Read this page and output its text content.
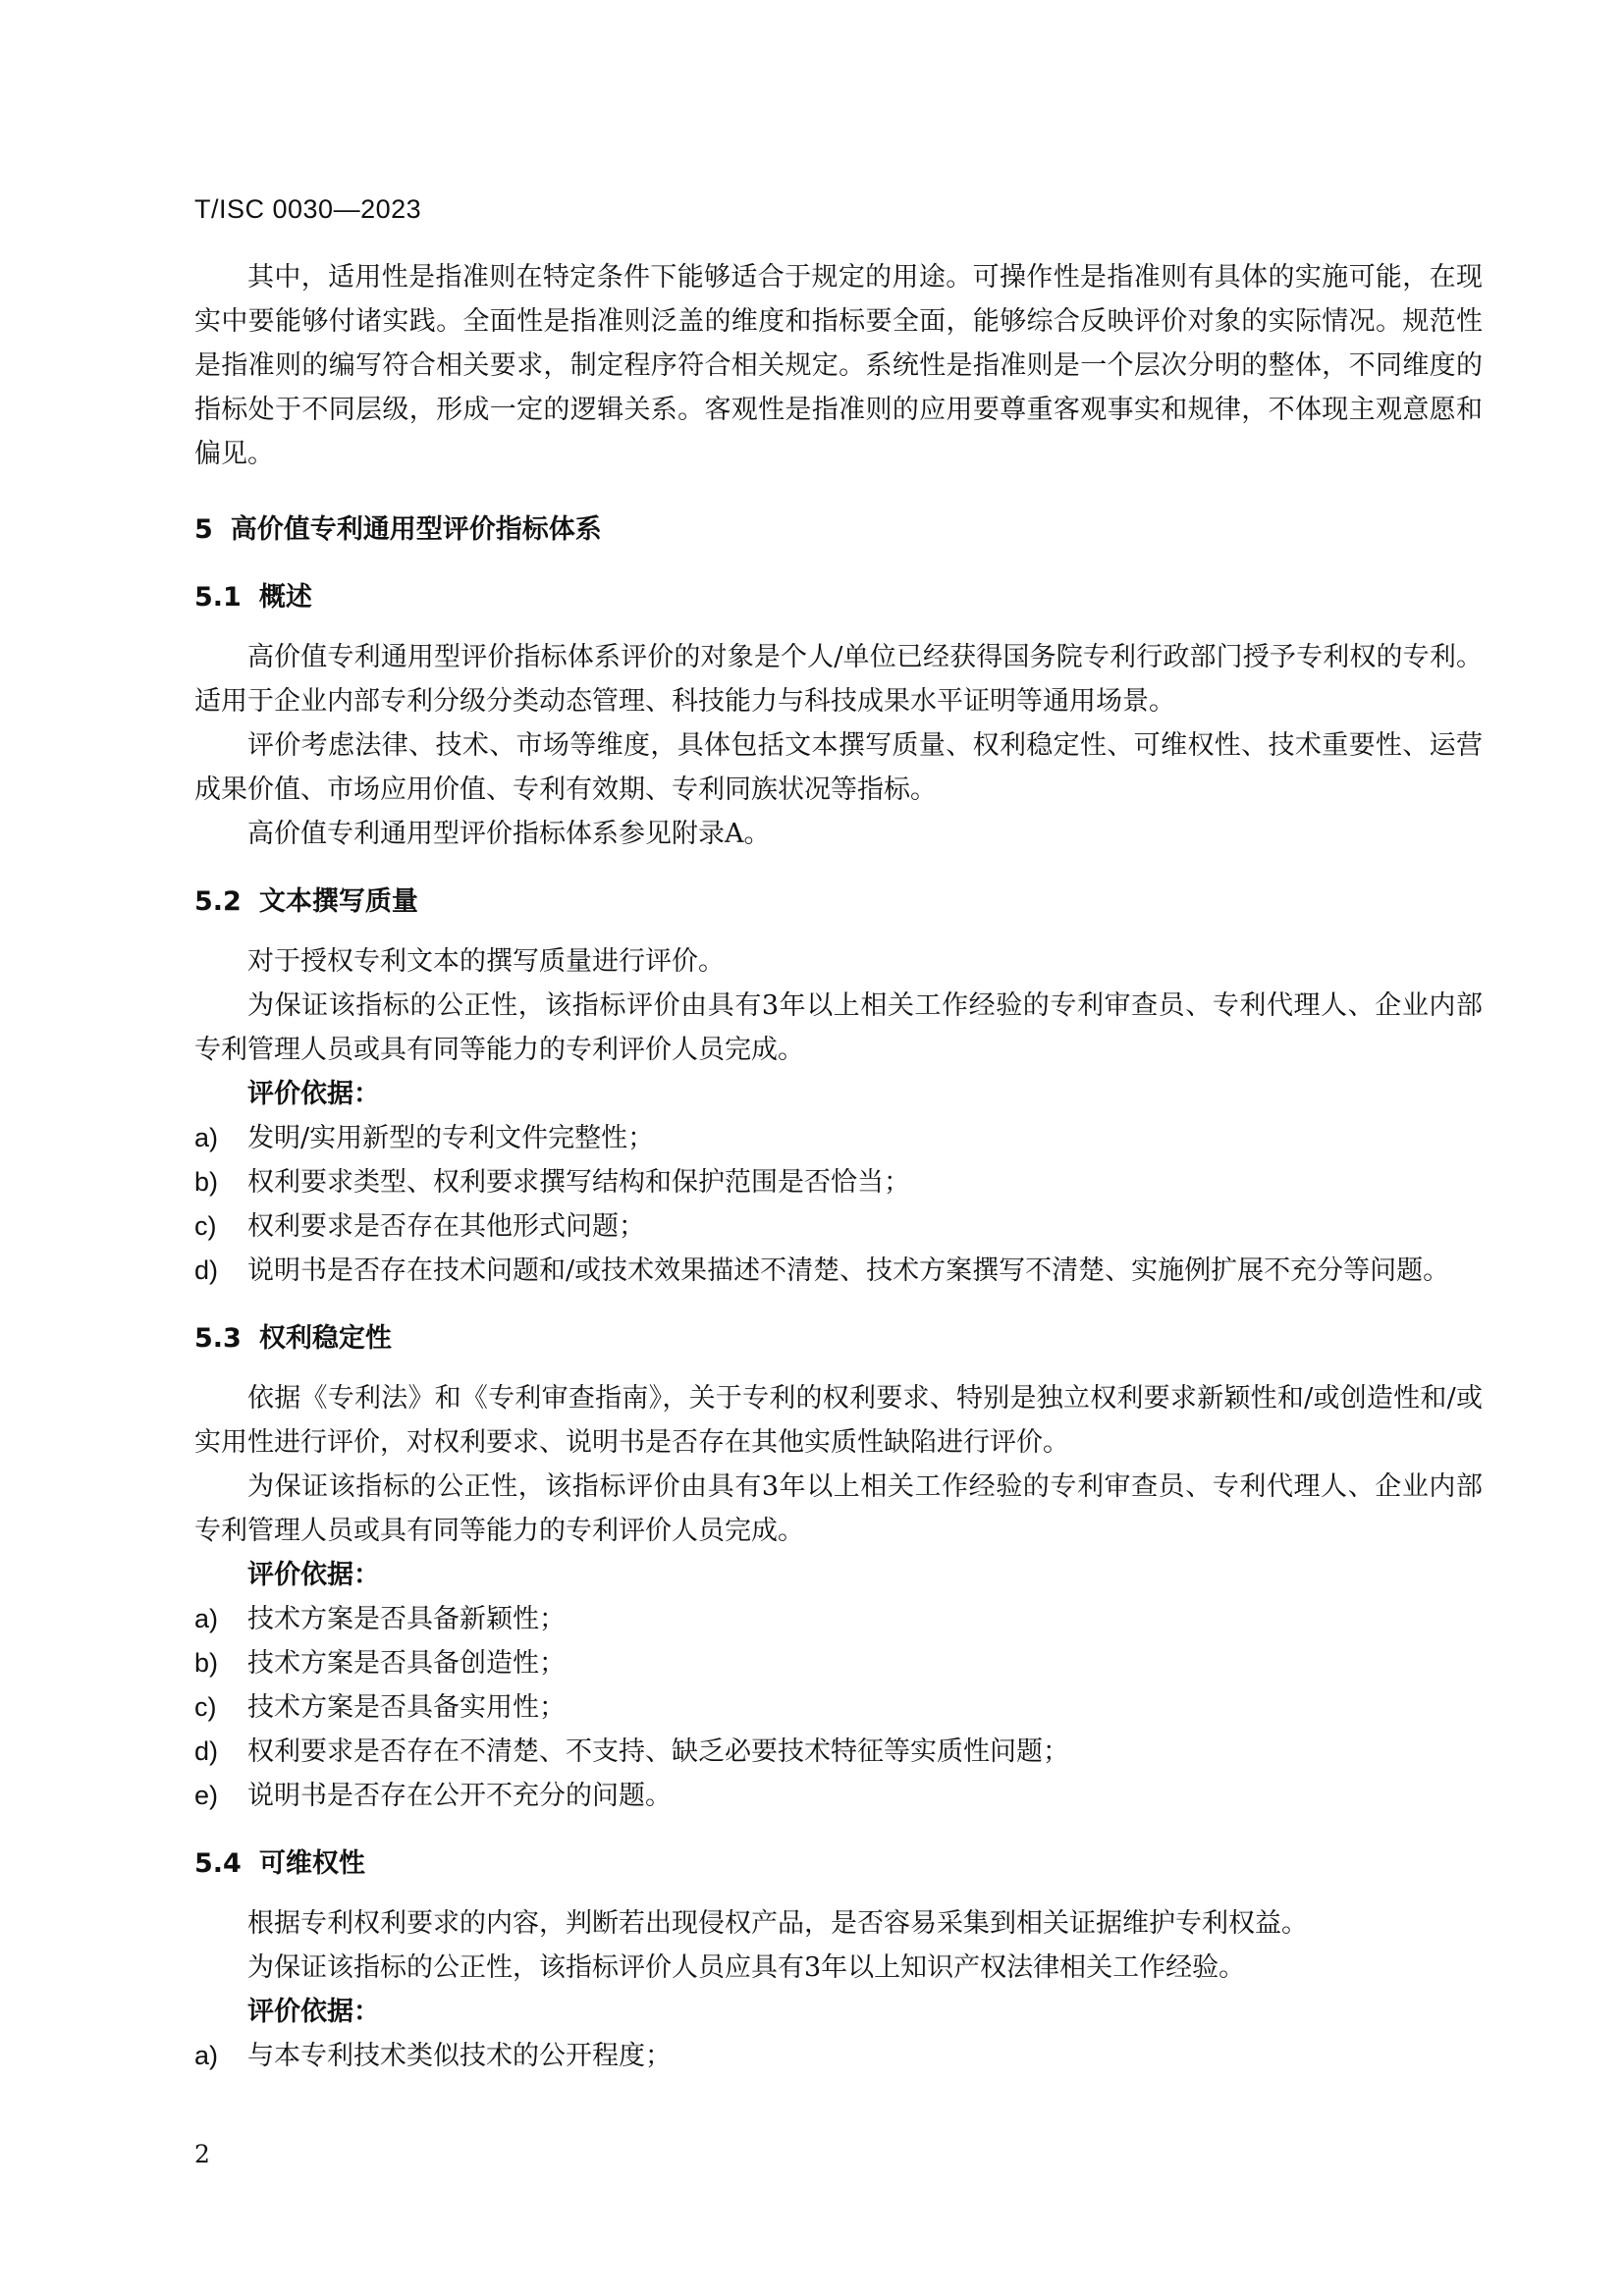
T/ISC 0030—2023

其中，适用性是指准则在特定条件下能够适合于规定的用途。可操作性是指准则有具体的实施可能，在现实中要能够付诸实践。全面性是指准则泛盖的维度和指标要全面，能够综合反映评价对象的实际情况。规范性是指准则的编写符合相关要求，制定程序符合相关规定。系统性是指准则是一个层次分明的整体，不同维度的指标处于不同层级，形成一定的逻辑关系。客观性是指准则的应用要尊重客观事实和规律，不体现主观意愿和偏见。

5 高价值专利通用型评价指标体系
5.1 概述

高价值专利通用型评价指标体系评价的对象是个人/单位已经获得国务院专利行政部门授予专利权的专利。适用于企业内部专利分级分类动态管理、科技能力与科技成果水平证明等通用场景。

评价考虑法律、技术、市场等维度，具体包括文本撰写质量、权利稳定性、可维权性、技术重要性、运营成果价值、市场应用价值、专利有效期、专利同族状况等指标。

高价值专利通用型评价指标体系参见附录A。

5.2 文本撰写质量

对于授权专利文本的撰写质量进行评价。

为保证该指标的公正性，该指标评价由具有3年以上相关工作经验的专利审查员、专利代理人、企业内部专利管理人员或具有同等能力的专利评价人员完成。

评价依据：

a) 发明/实用新型的专利文件完整性；
b) 权利要求类型、权利要求撰写结构和保护范围是否恰当；
c) 权利要求是否存在其他形式问题；
d) 说明书是否存在技术问题和/或技术效果描述不清楚、技术方案撰写不清楚、实施例扩展不充分等问题。
5.3 权利稳定性

依据《专利法》和《专利审查指南》，关于专利的权利要求、特别是独立权利要求新颖性和/或创造性和/或实用性进行评价，对权利要求、说明书是否存在其他实质性缺陷进行评价。

为保证该指标的公正性，该指标评价由具有3年以上相关工作经验的专利审查员、专利代理人、企业内部专利管理人员或具有同等能力的专利评价人员完成。

评价依据：

a) 技术方案是否具备新颖性；
b) 技术方案是否具备创造性；
c) 技术方案是否具备实用性；
d) 权利要求是否存在不清楚、不支持、缺乏必要技术特征等实质性问题；
e) 说明书是否存在公开不充分的问题。
5.4 可维权性

根据专利权利要求的内容，判断若出现侵权产品，是否容易采集到相关证据维护专利权益。

为保证该指标的公正性，该指标评价人员应具有3年以上知识产权法律相关工作经验。

评价依据：

a) 与本专利技术类似技术的公开程度；
2
